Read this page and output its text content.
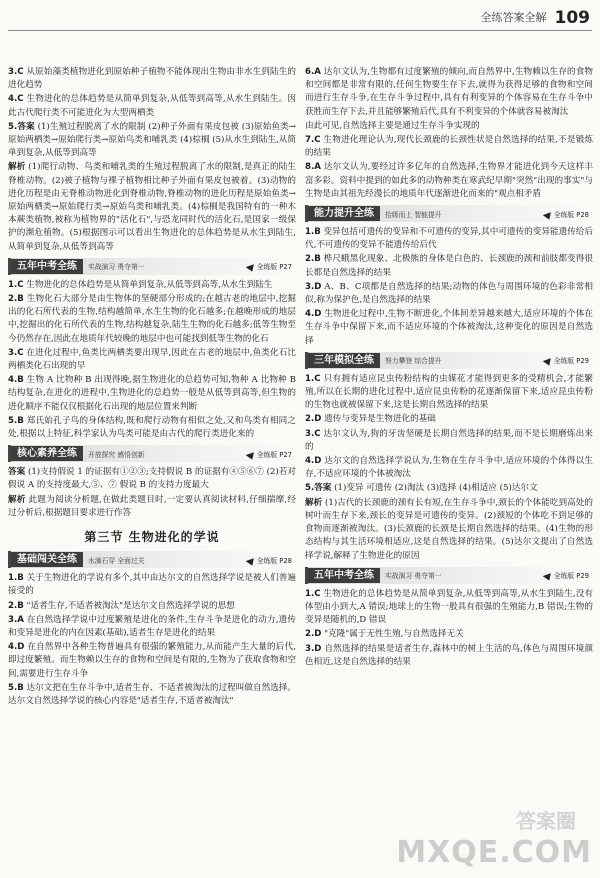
全练答案全解 109

3.C 从原始藻类植物进化到原始种子植物不能体现出生物由非水生到陆生的进化趋势

4.C 生物进化的总体趋势是从简单到复杂,从低等到高等,从水生到陆生。因此古代爬行类不可能进化为大型两栖类

5.答案 (1)生殖过程脱离了水的限制 (2)种子外面有果皮包被 (3)原始鱼类→原始两栖类→原始爬行类→原始鸟类和哺乳类 (4)棕榈 (5)从水生到陆生,从简单到复杂,从低等到高等

解析 (1)爬行动物、鸟类和哺乳类的生殖过程脱离了水的限制,是真正的陆生脊椎动物。(2)被子植物与裸子植物相比种子外面有果皮包被着。(3)动物的进化历程是由无脊椎动物进化到脊椎动物,脊椎动物的进化历程是原始鱼类→原始两栖类→原始爬行类→原始鸟类和哺乳类。(4)棕榈是我国特有的一种木本蕨类植物,被称为植物界的"活化石",与恐龙同时代的活化石,是国家一级保护的濒危植物。(5)根据图示可以看出生物进化的总体趋势是从水生到陆生,从简单到复杂,从低等到高等

五年中考全练	实战演习 勇夺第一	全练版 P27

1.C 生物进化的总体趋势是从简单到复杂,从低等到高等,从水生到陆生

2.B 生物化石大部分是由生物体的坚硬部分形成的;在越古老的地层中,挖掘出的化石所代表的生物,结构越简单,水生生物的化石越多;在越晚形成的地层中,挖掘出的化石所代表的生物,结构越复杂,陆生生物的化石越多;低等生物至今仍然存在,因此在地质年代较晚的地层中也可能找到低等生物的化石

3.C 在进化过程中,鱼类比两栖类要出现早,因此在古老的地层中,鱼类化石比两栖类化石出现的早

4.B 生物 A 比物种 B 出现得晚,据生物进化的总趋势可知,物种 A 比物种 B 结构复杂,在进化的进程中,生物进化的总趋势一般是从低等到高等,但生物的进化顺序不能仅仅根据化石出现的地层位置来判断

5.B 郑氏始孔子鸟的身体结构,既和爬行动物有相似之处,又和鸟类有相同之处,根据以上特征,科学家认为鸟类可能是由古代的爬行类进化来的

核心素养全练	开放探究 感悟创新	全练版 P27

答案 (1)支持假说 1 的证据有①②③;支持假说 B 的证据有④⑤⑥⑦ (2)若对假说 A 的支持度最大,⑤、⑦ 假说 B 的支持力度最大

解析 此题为阅读分析题,在做此类题目时,一定要认真阅读材料,仔细揣摩,经过分析后,根据题目要求进行作答

第三节 生物进化的学说
基础闯关全练	水滴石穿 全面过关	全练版 P28

1.B 关于生物进化的学说有多个,其中由达尔文的自然选择学说是被人们普遍接受的

2.B "适者生存,不适者被淘汰"是达尔文自然选择学说的思想

3.A 在自然选择学说中过度繁殖是进化的条件,生存斗争是进化的动力,遗传和变异是进化的内在因素(基础),适者生存是进化的结果

4.D 在自然界中各种生物普遍具有很强的繁殖能力,从而能产生大量的后代,即过度繁殖。而生物赖以生存的食物和空间是有限的,生物为了获取食物和空间,需要进行生存斗争

5.B 达尔文把在生存斗争中,适者生存、不适者被淘汰的过程叫做自然选择。达尔文自然选择学说的核心内容是"适者生存,不适者被淘汰"

6.A 达尔文认为,生物都有过度繁殖的倾向,而自然界中,生物赖以生存的食物和空间都是非常有限的,任何生物要生存下去,就得为获得足够的食物和空间而进行生存斗争,在生存斗争过程中,具有有利变异的个体容易在生存斗争中获胜而生存下去,并且能够繁殖后代,具有不利变异的个体就容易被淘汰

由此可见,自然选择主要是通过生存斗争实现的

7.C 生物进化理论认为,现代长颈鹿的长颈性状是自然选择的结果,不是锻炼的结果

8.A 达尔文认为,要经过许多亿年的自然选择,生物界才能进化到今天这样丰富多彩。资料中提到的如此多的动物种类在寒武纪早期"突然"出现的事实"与生物是由其祖先经漫长的地质年代逐渐进化而来的"观点相矛盾

能力提升全练	拾级而上 智能提升	全练版 P28

1.B 变异包括可遗传的变异和不可遗传的变异,其中可遗传的变异能遗传给后代,不可遗传的变异不能遗传给后代

2.B 桦尺蛾黑化现象、北极熊的身体是白色的、长颈鹿的颈和前肢都变得很长都是自然选择的结果

3.D A、B、C项都是自然选择的结果;动物的体色与周围环境的色彩非常相似,称为保护色,是自然选择的结果

4.D 生物进化过程中,生物不断进化,个体间差异越来越大,适应环境的个体在生存斗争中保留下来,而不适应环境的个体被淘汰,这种变化的原因是自然选择

三年模拟全练	努力攀登 综合提升	全练版 P29

1.C 只有拥有适应昆虫传粉结构的虫媒花才能得到更多的受精机会,才能繁殖,所以在长期的进化过程中,适应昆虫传粉的花逐渐保留下来,适应昆虫传粉的生物也就被保留下来,这是长期自然选择的结果

2.D 遗传与变异是生物进化的基础

3.C 达尔文认为,狗的牙齿坚硬是长期自然选择的结果,而不是长期磨炼出来的

4.D 达尔文的自然选择学说认为,生物在生存斗争中,适应环境的个体得以生存,不适应环境的个体被淘汰

5.答案 (1)变异 可遗传 (2)淘汰 (3)选择 (4)相适应 (5)达尔文

解析 (1)古代的长颈鹿的颈有长有短,在生存斗争中,颈长的个体能吃到高处的树叶而生存下来,颈长的变异是可遗传的变异。(2)颈短的个体吃不到足够的食物而逐渐被淘汰。(3)长颈鹿的长颈是长期自然选择的结果。(4)生物的形态结构与其生活环境相适应,这是自然选择的结果。(5)达尔文提出了自然选择学说,解释了生物进化的原因

五年中考全练	实战演习 勇夺第一	全练版 P29

1.C 生物进化的总体趋势是从简单到复杂,从低等到高等,从水生到陆生,没有体型由小到大,A 错误;地球上的生物一般具有很强的生殖能力,B 错误;生物的变异是随机的,D 错误

2.D "克隆"属于无性生殖,与自然选择无关

3.D 自然选择的结果是适者生存,森林中的树上生活的鸟,体色与周围环境颜色相近,这是自然选择的结果

答案圈
MXQE.COM
